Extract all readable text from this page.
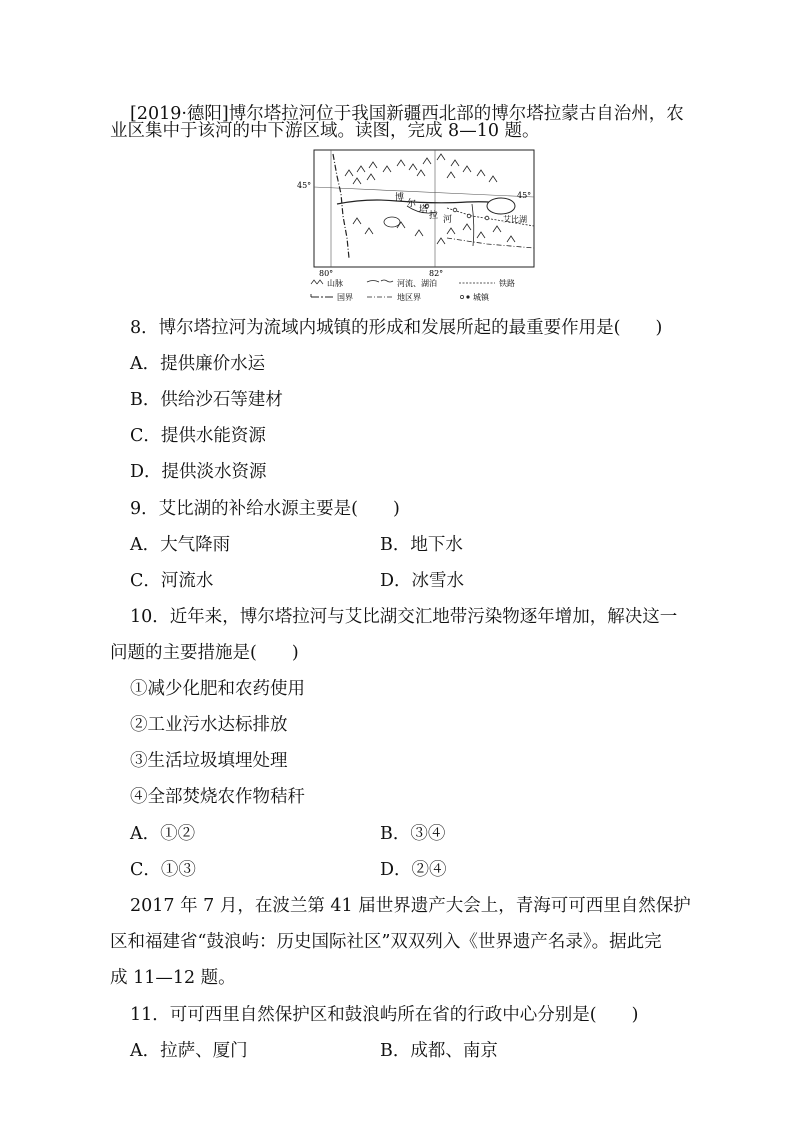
[2019·德阳]博尔塔拉河位于我国新疆西北部的博尔塔拉蒙古自治州，农
业区集中于该河的中下游区域。读图，完成 8—10 题。
45°
45°
80°	82°
博
尔
塔
拉 河	艾比湖
山脉	河流、湖泊	铁路
国界	地区界	城镇
8．博尔塔拉河为流域内城镇的形成和发展所起的最重要作用是(　　)
A．提供廉价水运
B．供给沙石等建材
C．提供水能资源
D．提供淡水资源
9．艾比湖的补给水源主要是(　　)
A．大气降雨	B．地下水
C．河流水	D．冰雪水
10．近年来，博尔塔拉河与艾比湖交汇地带污染物逐年增加，解决这一
问题的主要措施是(　　)
①减少化肥和农药使用
②工业污水达标排放
③生活垃圾填埋处理
④全部焚烧农作物秸秆
A．①②	B．③④
C．①③	D．②④
2017 年 7 月，在波兰第 41 届世界遗产大会上，青海可可西里自然保护
区和福建省“鼓浪屿：历史国际社区”双双列入《世界遗产名录》。据此完
成 11—12 题。
11．可可西里自然保护区和鼓浪屿所在省的行政中心分别是(　　)
A．拉萨、厦门	B．成都、南京
